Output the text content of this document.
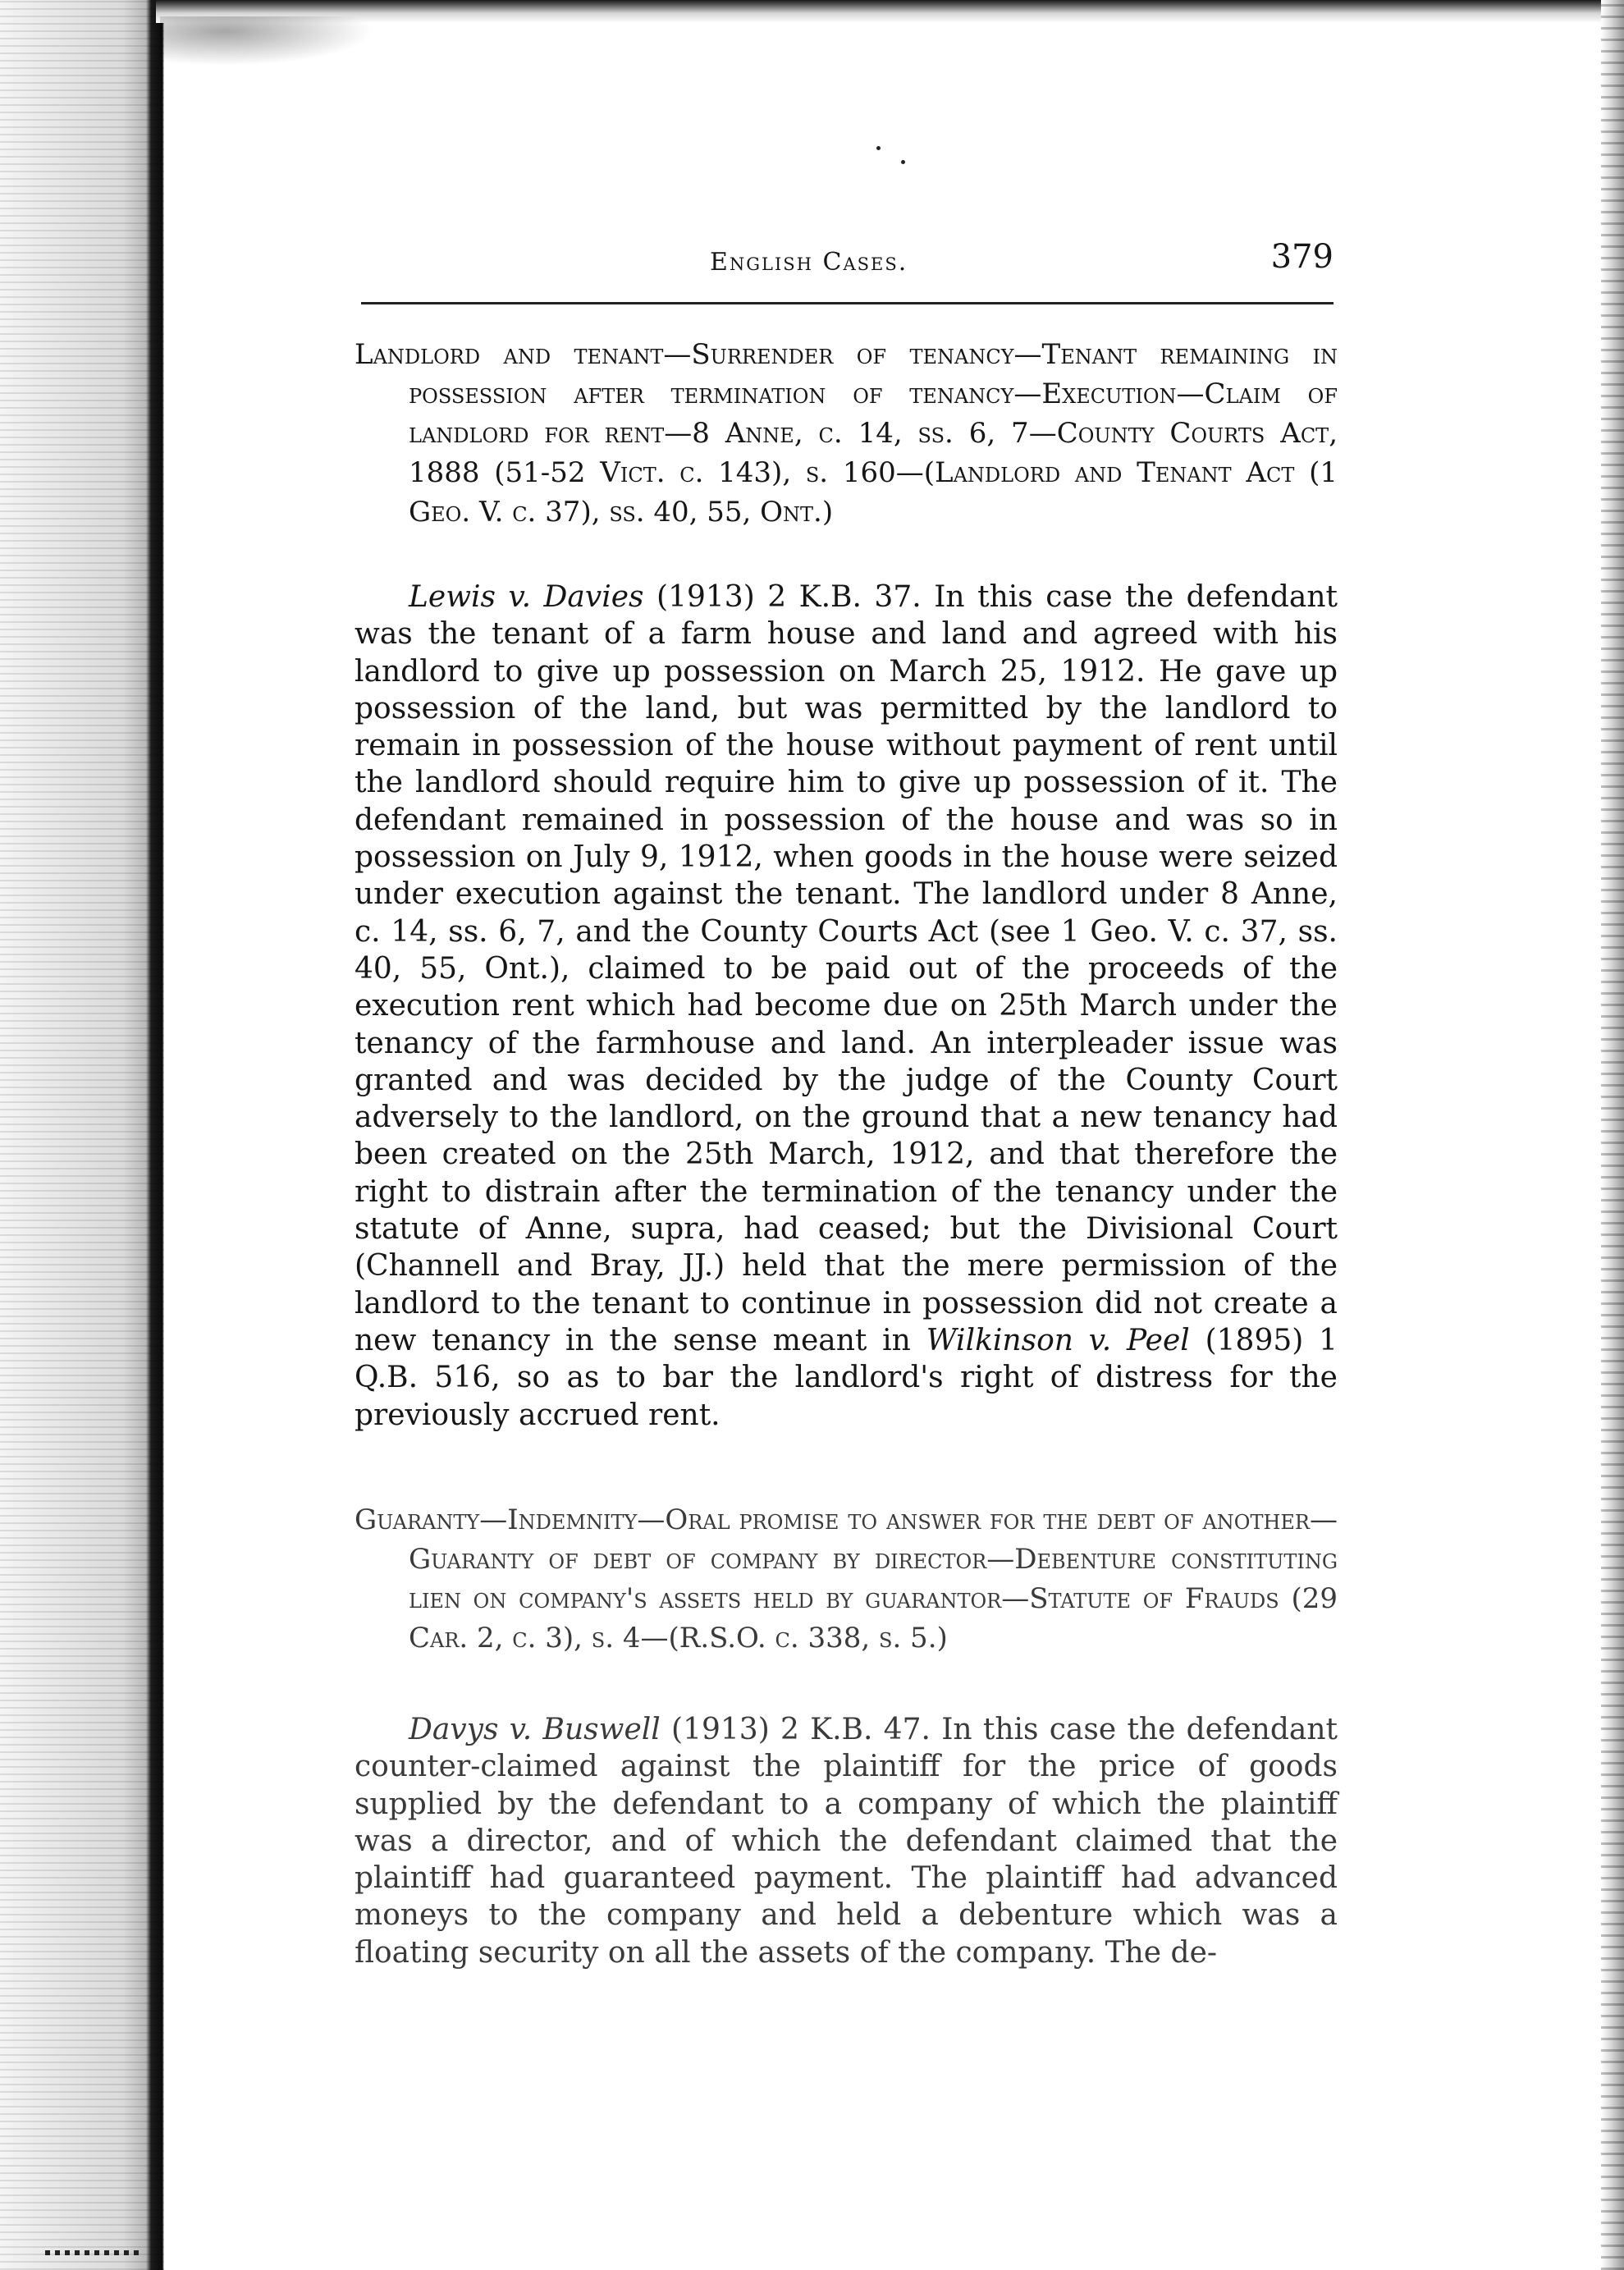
English Cases.	379

Landlord and tenant—Surrender of tenancy—Tenant remaining in possession after termination of tenancy—Execution—Claim of landlord for rent—8 Anne, c. 14, ss. 6, 7—County Courts Act, 1888 (51-52 Vict. c. 143), s. 160—(Landlord and Tenant Act (1 Geo. V. c. 37), ss. 40, 55, Ont.)

Lewis v. Davies (1913) 2 K.B. 37. In this case the defendant was the tenant of a farm house and land and agreed with his landlord to give up possession on March 25, 1912. He gave up possession of the land, but was permitted by the landlord to remain in possession of the house without payment of rent until the landlord should require him to give up possession of it. The defendant remained in possession of the house and was so in possession on July 9, 1912, when goods in the house were seized under execution against the tenant. The landlord under 8 Anne, c. 14, ss. 6, 7, and the County Courts Act (see 1 Geo. V. c. 37, ss. 40, 55, Ont.), claimed to be paid out of the proceeds of the execution rent which had become due on 25th March under the tenancy of the farmhouse and land. An interpleader issue was granted and was decided by the judge of the County Court adversely to the landlord, on the ground that a new tenancy had been created on the 25th March, 1912, and that therefore the right to distrain after the termination of the tenancy under the statute of Anne, supra, had ceased; but the Divisional Court (Channell and Bray, JJ.) held that the mere permission of the landlord to the tenant to continue in possession did not create a new tenancy in the sense meant in Wilkinson v. Peel (1895) 1 Q.B. 516, so as to bar the landlord's right of distress for the previously accrued rent.

Guaranty—Indemnity—Oral promise to answer for the debt of another—Guaranty of debt of company by director—Debenture constituting lien on company's assets held by guarantor—Statute of Frauds (29 Car. 2, c. 3), s. 4—(R.S.O. c. 338, s. 5.)

Davys v. Buswell (1913) 2 K.B. 47. In this case the defendant counter-claimed against the plaintiff for the price of goods supplied by the defendant to a company of which the plaintiff was a director, and of which the defendant claimed that the plaintiff had guaranteed payment. The plaintiff had advanced moneys to the company and held a debenture which was a floating security on all the assets of the company. The de-
